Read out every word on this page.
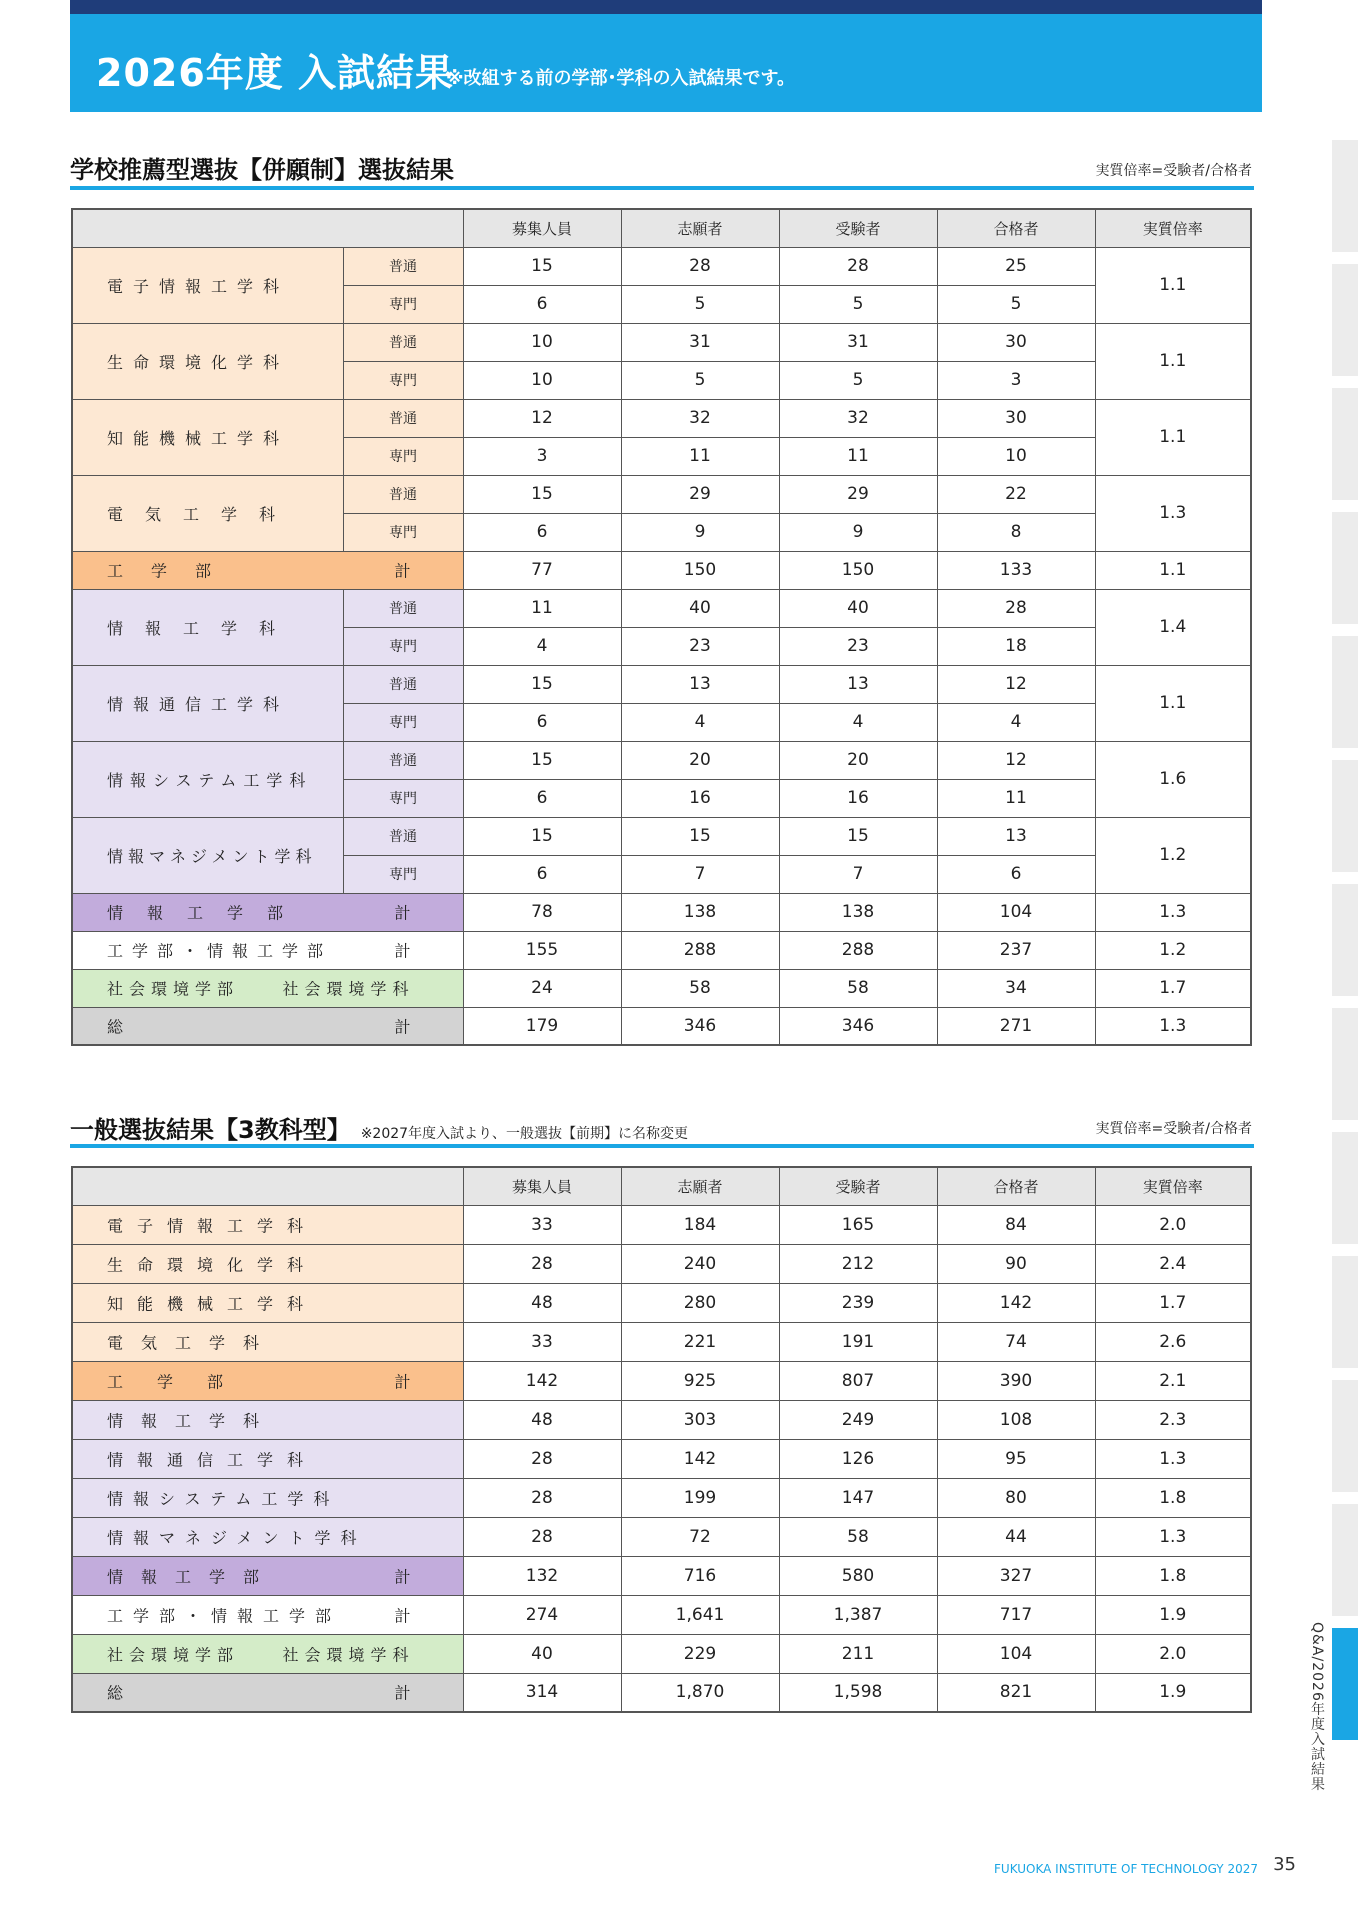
2026年度 入試結果
※改組する前の学部･学科の入試結果です。
学校推薦型選抜【併願制】選抜結果	実質倍率=受験者/合格者
		募集人員	志願者	受験者	合格者	実質倍率
電子情報工学科	普通	15	28	28	25	1.1
	専門	6	5	5	5	
生命環境化学科	普通	10	31	31	30	1.1
	専門	10	5	5	3	
知能機械工学科	普通	12	32	32	30	1.1
	専門	3	11	11	10	
電気工学科	普通	15	29	29	22	1.3
	専門	6	9	9	8	

工学部 計		77	150	150	133	1.1
情報工学科	普通	11	40	40	28	1.4
	専門	4	23	23	18	
情報通信工学科	普通	15	13	13	12	1.1
	専門	6	4	4	4	
情報システム工学科	普通	15	20	20	12	1.6
	専門	6	16	16	11	
情報マネジメント学科	普通	15	15	15	13	1.2
	専門	6	7	7	6	

情報工学部 計		78	138	138	104	1.3

工学部・情報工学部 計		155	288	288	237	1.2

社会環境学部 社会環境学科		24	58	58	34	1.7

総 計		179	346	346	271	1.3
一般選抜結果【3教科型】 ※2027年度入試より、一般選抜【前期】に名称変更	実質倍率=受験者/合格者
	募集人員	志願者	受験者	合格者	実質倍率

電子情報工学科	33	184	165	84	2.0

生命環境化学科	28	240	212	90	2.4

知能機械工学科	48	280	239	142	1.7

電気工学科	33	221	191	74	2.6

工学部 計	142	925	807	390	2.1

情報工学科	48	303	249	108	2.3

情報通信工学科	28	142	126	95	1.3

情報システム工学科	28	199	147	80	1.8

情報マネジメント学科	28	72	58	44	1.3

情報工学部 計	132	716	580	327	1.8

工学部・情報工学部 計	274	1,641	1,387	717	1.9

社会環境学部 社会環境学科	40	229	211	104	2.0

総 計	314	1,870	1,598	821	1.9	Q&A/2026年度入試結果
FUKUOKA INSTITUTE OF TECHNOLOGY 2027 35
